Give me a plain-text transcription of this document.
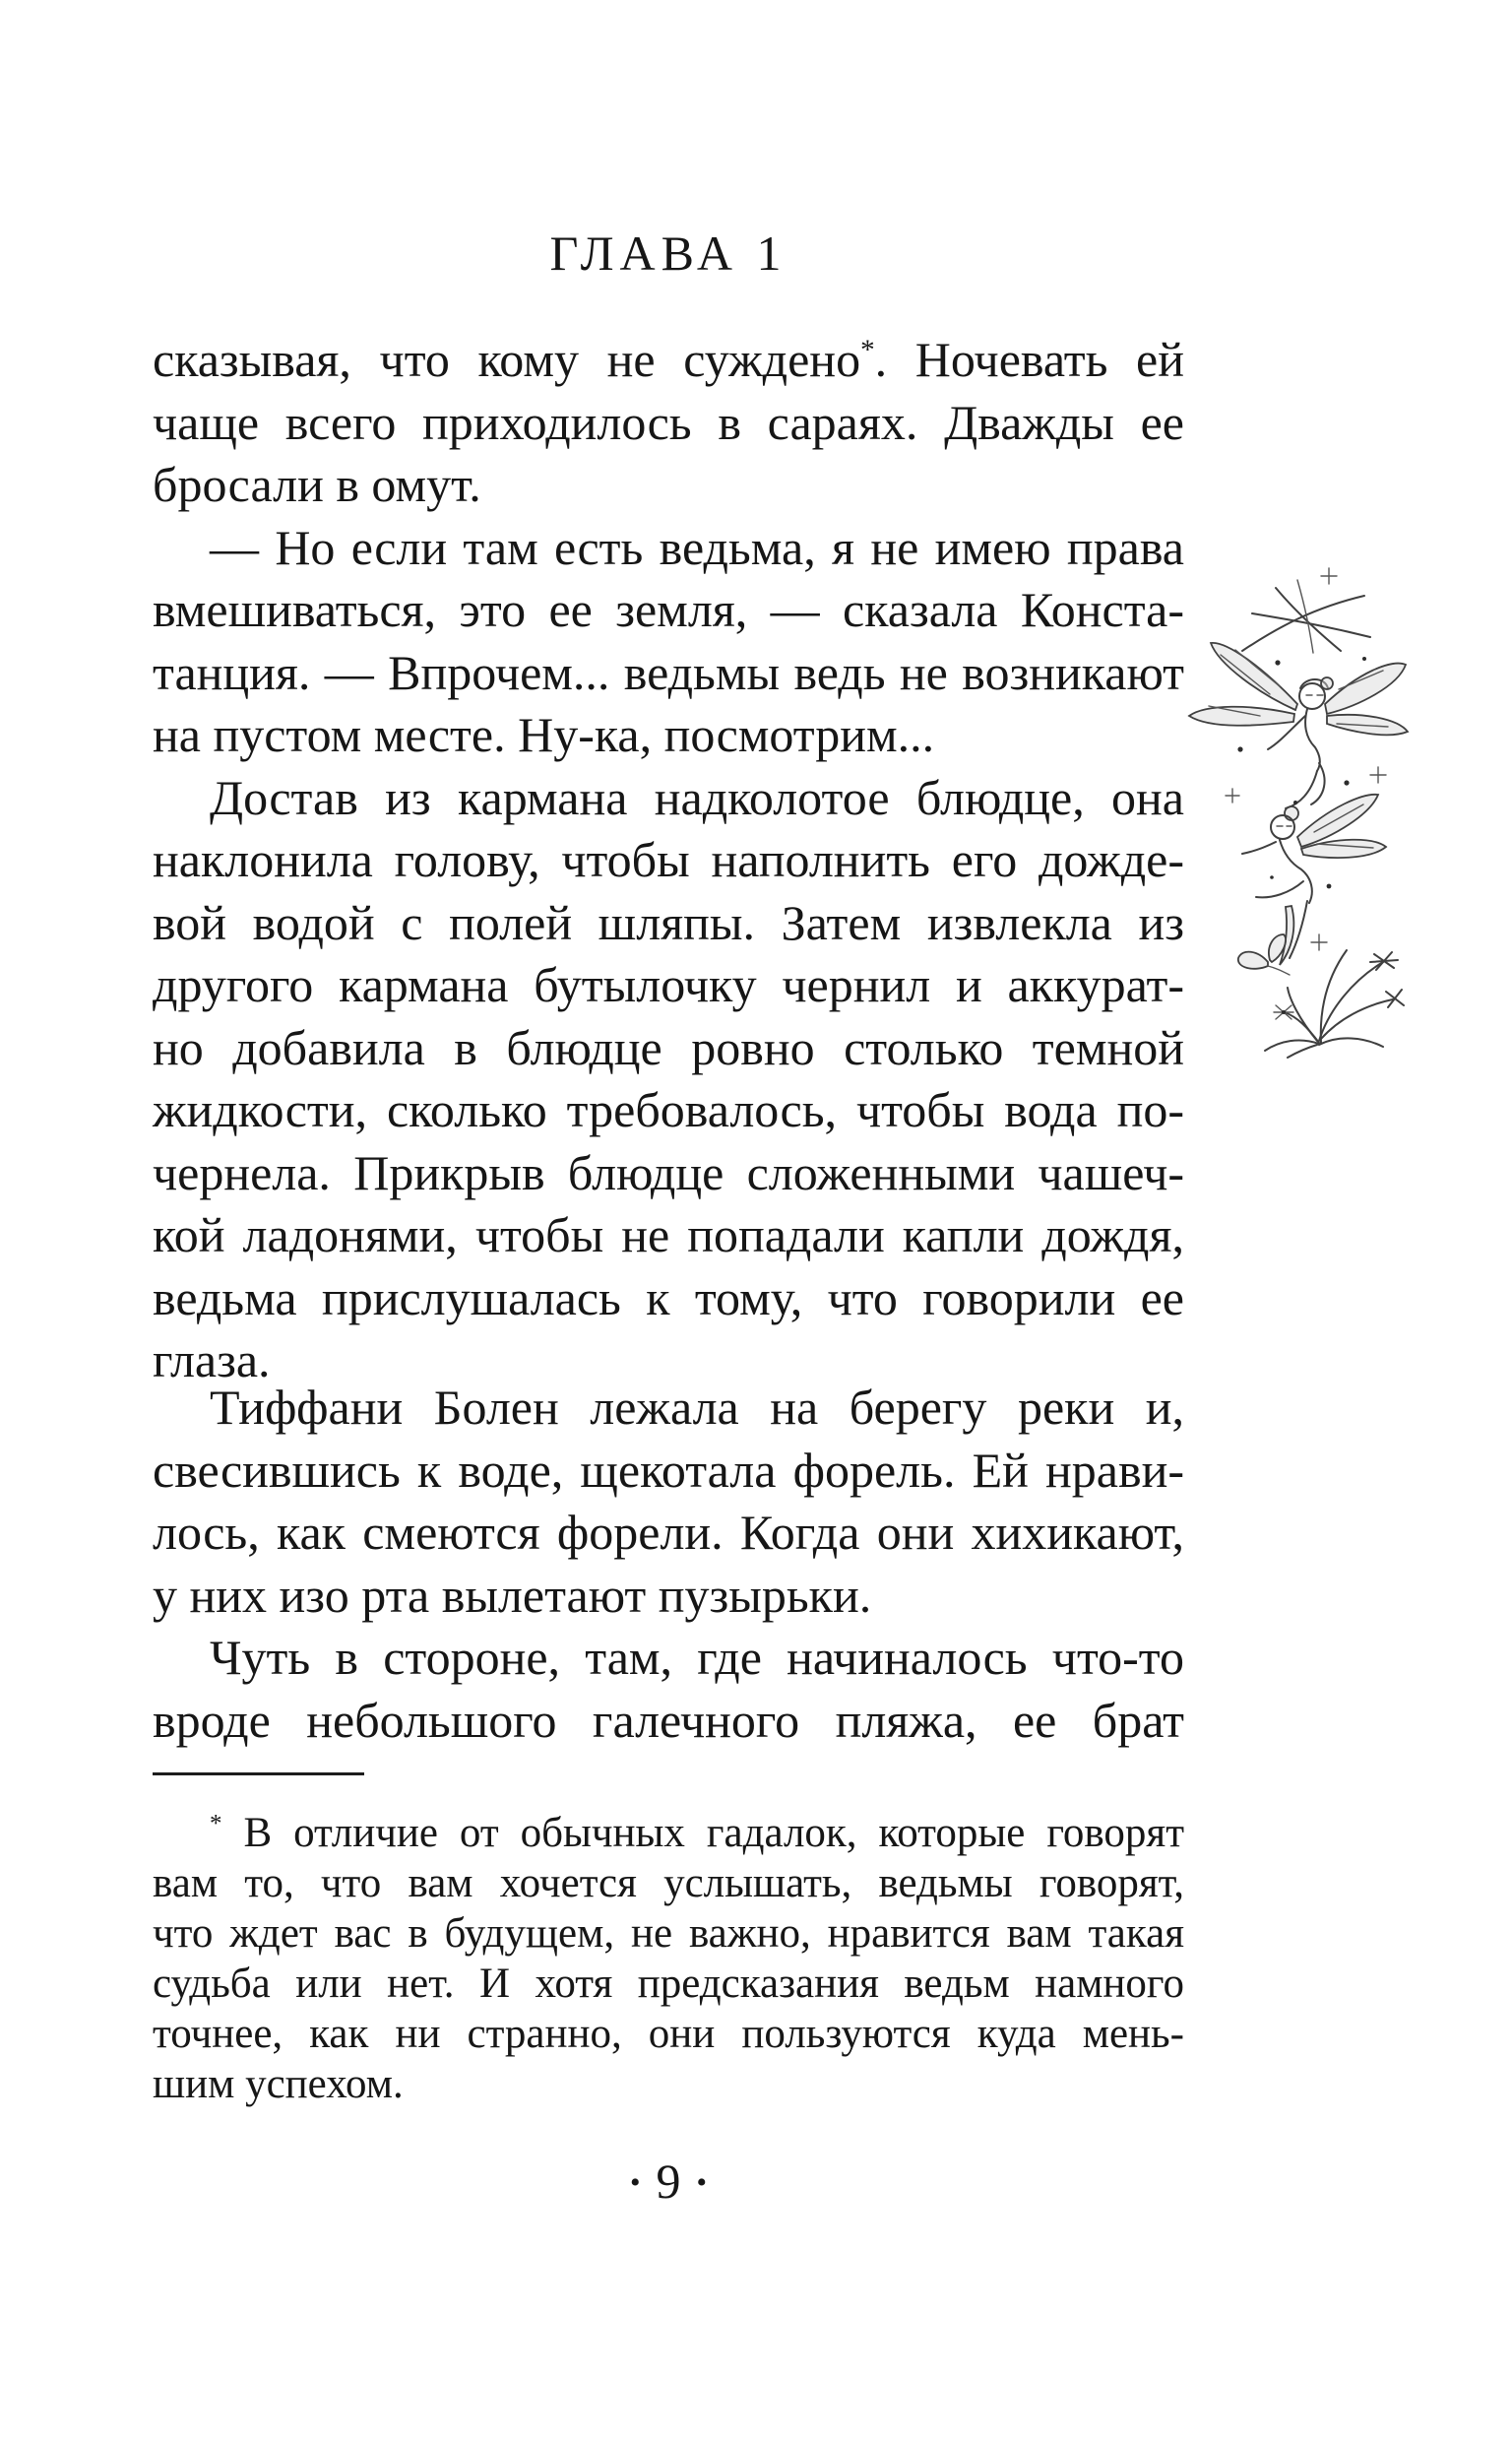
ГЛАВА 1
сказывая, что кому не суждено*. Ночевать ей
чаще всего приходилось в сараях. Дважды ее
бросали в омут.
— Но если там есть ведьма, я не имею права
вмешиваться, это ее земля, — сказала Конста-
танция. — Впрочем... ведьмы ведь не возникают
на пустом месте. Ну-ка, посмотрим...
Достав из кармана надколотое блюдце, она
наклонила голову, чтобы наполнить его дожде-
вой водой с полей шляпы. Затем извлекла из
другого кармана бутылочку чернил и аккурат-
но добавила в блюдце ровно столько темной
жидкости, сколько требовалось, чтобы вода по-
чернела. Прикрыв блюдце сложенными чашеч-
кой ладонями, чтобы не попадали капли дождя,
ведьма прислушалась к тому, что говорили ее
глаза.
Тиффани Болен лежала на берегу реки и,
свесившись к воде, щекотала форель. Ей нрави-
лось, как смеются форели. Когда они хихикают,
у них изо рта вылетают пузырьки.
Чуть в стороне, там, где начиналось что-то
вроде небольшого галечного пляжа, ее брат
* В отличие от обычных гадалок, которые говорят
вам то, что вам хочется услышать, ведьмы говорят,
что ждет вас в будущем, не важно, нравится вам такая
судьба или нет. И хотя предсказания ведьм намного
точнее, как ни странно, они пользуются куда мень-
шим успехом.
• 9 •
